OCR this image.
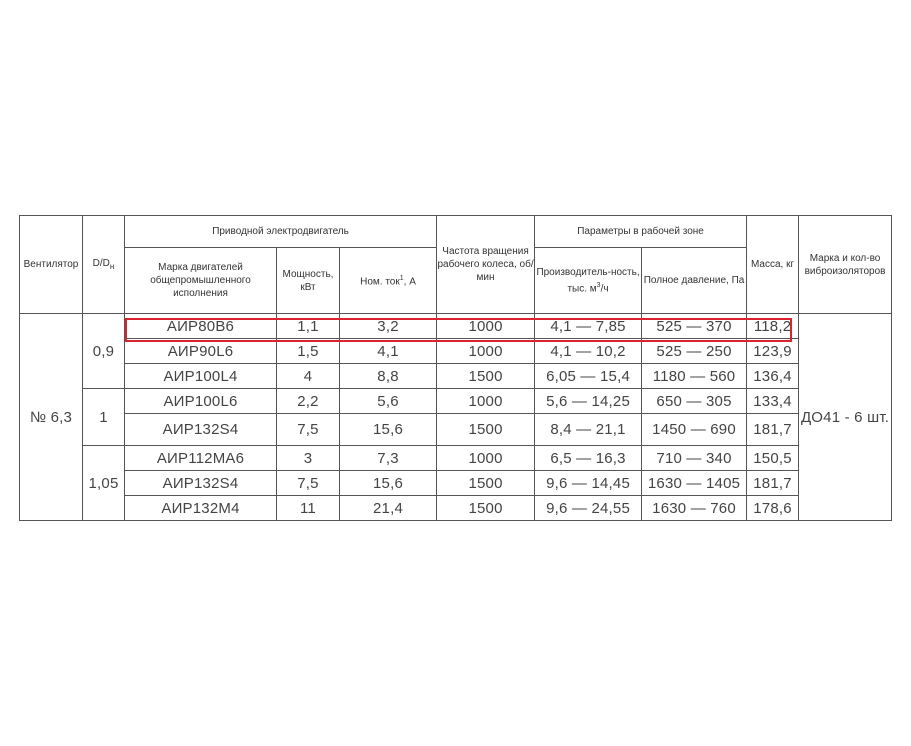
Вентилятор	$D/D_н$	Приводной электродвигатель			Частота вращения рабочего колеса, об/мин	Параметры в рабочей зоне		Масса, кг	Марка и кол-во виброизоляторов
		Марка двигателей общепромышленного исполнения	Мощность, кВт	Ном. ток$^1$, А		Производитель-ность, тыс. $м^3/ч$	Полное давление, Па		
№ 6,3	0,9	АИР80В6	1,1	3,2	1000	4,1 — 7,85	525 — 370	118,2	ДО41 - 6 шт.
		АИР90L6	1,5	4,1	1000	4,1 — 10,2	525 — 250	123,9	
		АИР100L4	4	8,8	1500	6,05 — 15,4	1180 — 560	136,4	
	1	АИР100L6	2,2	5,6	1000	5,6 — 14,25	650 — 305	133,4	
		АИР132S4	7,5	15,6	1500	8,4 — 21,1	1450 — 690	181,7	
	1,05	АИР112МА6	3	7,3	1000	6,5 — 16,3	710 — 340	150,5	
		АИР132S4	7,5	15,6	1500	9,6 — 14,45	1630 — 1405	181,7	
		АИР132М4	11	21,4	1500	9,6 — 24,55	1630 — 760	178,6	
